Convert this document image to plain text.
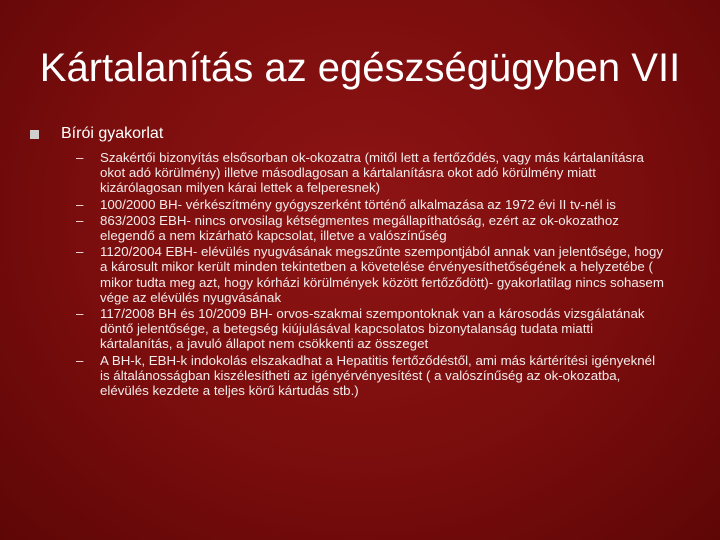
Kártalanítás az egészségügyben VII
Bírói gyakorlat
–	Szakértői bizonyítás elsősorban ok-okozatra (mitől lett a fertőződés, vagy más kártalanításra okot adó körülmény) illetve másodlagosan a kártalanításra okot adó körülmény miatt kizárólagosan milyen kárai lettek a felperesnek)
–	100/2000 BH- vérkészítmény gyógyszerként történő alkalmazása az 1972 évi II tv-nél is
–	863/2003 EBH- nincs orvosilag kétségmentes megállapíthatóság, ezért az ok-okozathoz elegendő a nem kizárható kapcsolat, illetve a valószínűség
–	1120/2004 EBH- elévülés nyugvásának megszűnte szempontjából annak van jelentősége, hogy a károsult mikor került minden tekintetben a követelése érvényesíthetőségének a helyzetébe ( mikor tudta meg azt, hogy kórházi körülmények között fertőződött)- gyakorlatilag nincs sohasem vége az elévülés nyugvásának
–	117/2008 BH és 10/2009 BH- orvos-szakmai szempontoknak van a károsodás vizsgálatának döntő jelentősége, a betegség kiújulásával kapcsolatos bizonytalanság tudata miatti kártalanítás, a javuló állapot nem csökkenti az összeget
–	A BH-k, EBH-k indokolás elszakadhat a Hepatitis fertőződéstől, ami más kártérítési igényeknél is általánosságban kiszélesítheti az igényérvényesítést ( a valószínűség az ok-okozatba, elévülés kezdete a teljes körű kártudás stb.)
